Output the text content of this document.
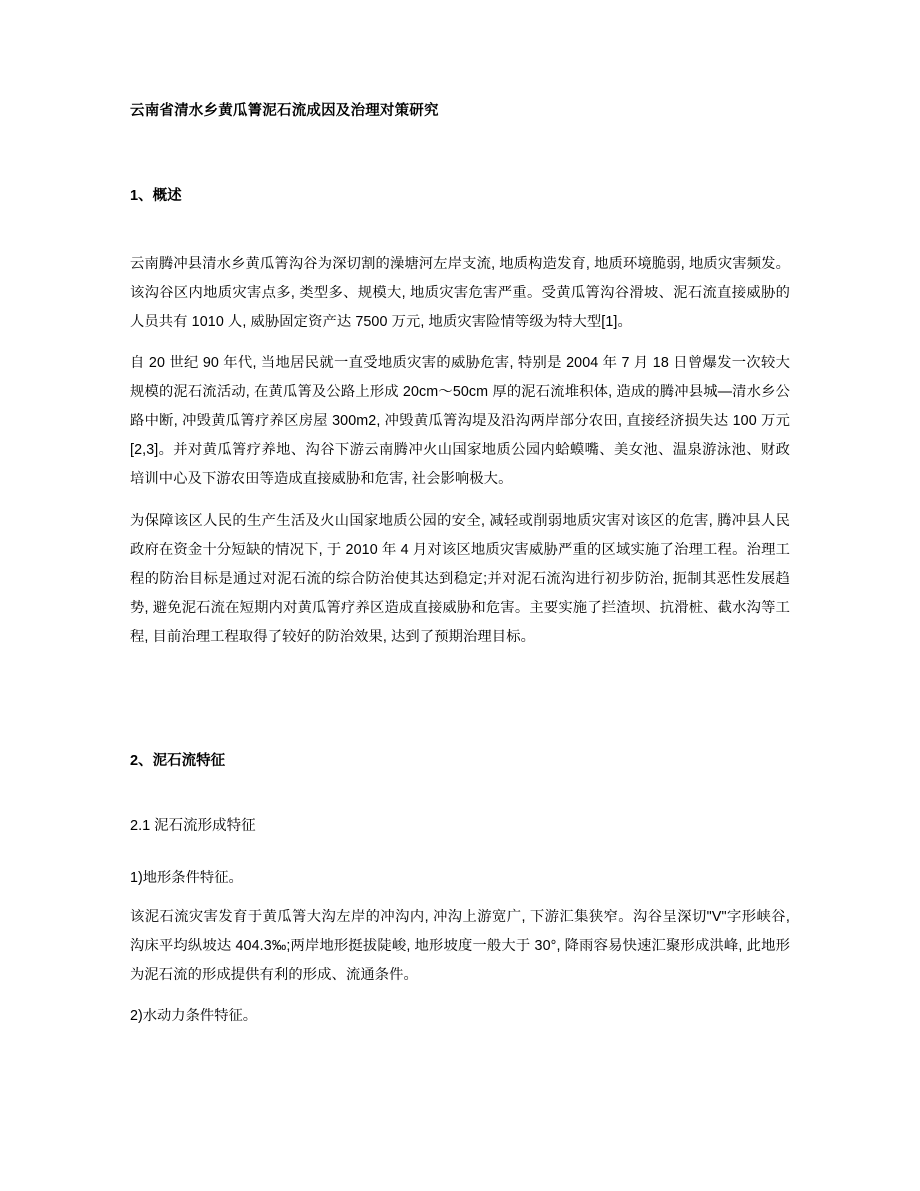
云南省清水乡黄瓜箐泥石流成因及治理对策研究
1、概述

云南腾冲县清水乡黄瓜箐沟谷为深切割的澡塘河左岸支流, 地质构造发育, 地质环境脆弱, 地质灾害频发。该沟谷区内地质灾害点多, 类型多、规模大, 地质灾害危害严重。受黄瓜箐沟谷滑坡、泥石流直接威胁的人员共有 1010 人, 威胁固定资产达 7500 万元, 地质灾害险情等级为特大型[1]。

自 20 世纪 90 年代, 当地居民就一直受地质灾害的威胁危害, 特别是 2004 年 7 月 18 日曾爆发一次较大规模的泥石流活动, 在黄瓜箐及公路上形成 20cm～50cm 厚的泥石流堆积体, 造成的腾冲县城—清水乡公路中断, 冲毁黄瓜箐疗养区房屋 300m2, 冲毁黄瓜箐沟堤及沿沟两岸部分农田, 直接经济损失达 100 万元[2,3]。并对黄瓜箐疗养地、沟谷下游云南腾冲火山国家地质公园内蛤蟆嘴、美女池、温泉游泳池、财政培训中心及下游农田等造成直接威胁和危害, 社会影响极大。

为保障该区人民的生产生活及火山国家地质公园的安全, 减轻或削弱地质灾害对该区的危害, 腾冲县人民政府在资金十分短缺的情况下, 于 2010 年 4 月对该区地质灾害威胁严重的区域实施了治理工程。治理工程的防治目标是通过对泥石流的综合防治使其达到稳定;并对泥石流沟进行初步防治, 扼制其恶性发展趋势, 避免泥石流在短期内对黄瓜箐疗养区造成直接威胁和危害。主要实施了拦渣坝、抗滑桩、截水沟等工程, 目前治理工程取得了较好的防治效果, 达到了预期治理目标。

2、泥石流特征
2.1 泥石流形成特征

1)地形条件特征。

该泥石流灾害发育于黄瓜箐大沟左岸的冲沟内, 冲沟上游宽广, 下游汇集狭窄。沟谷呈深切"V"字形峡谷, 沟床平均纵坡达 404.3‰;两岸地形挺拔陡峻, 地形坡度一般大于 30°, 降雨容易快速汇聚形成洪峰, 此地形为泥石流的形成提供有利的形成、流通条件。

2)水动力条件特征。
